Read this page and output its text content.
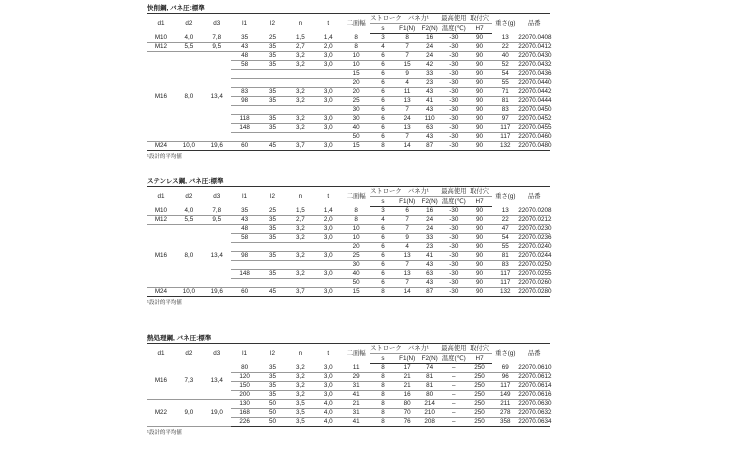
快削鋼, バネ圧:標準
d1	d2	d3	l1	l2	n	t	二面幅	ストローク	バネ力¹		最高使用	取付穴	重さ(g)	品番
								s	F1(N)	F2(N)	温度(℃)	H7		
M10	4,0	7,8	35	25	1,5	1,4	8	3	8	16	-30	90	13	22070.0408
M12	5,5	9,5	43	35	2,7	2,0	8	4	7	24	-30	90	22	22070.0412
M16	8,0	13,4	48	35	3,2	3,0	10	6	7	24	-30	90	40	22070.0430
			58	35	3,2	3,0	10	6	15	42	-30	90	52	22070.0432
							15	6	9	33	-30	90	54	22070.0436
							20	6	4	23	-30	90	55	22070.0440
			83	35	3,2	3,0	20	6	11	43	-30	90	71	22070.0442
			98	35	3,2	3,0	25	6	13	41	-30	90	81	22070.0444
							30	6	7	43	-30	90	83	22070.0450
			118	35	3,2	3,0	30	6	24	110	-30	90	97	22070.0452
			148	35	3,2	3,0	40	6	13	63	-30	90	117	22070.0455
							50	6	7	43	-30	90	117	22070.0460
M24	10,0	19,6	60	45	3,7	3,0	15	8	14	87	-30	90	132	22070.0480
¹設計的平均値
ステンレス鋼, バネ圧:標準
d1	d2	d3	l1	l2	n	t	二面幅	ストローク	バネ力¹		最高使用	取付穴	重さ(g)	品番
								s	F1(N)	F2(N)	温度(℃)	H7		
M10	4,0	7,8	35	25	1,5	1,4	8	3	6	16	-30	90	13	22070.0208
M12	5,5	9,5	43	35	2,7	2,0	8	4	7	24	-30	90	22	22070.0212
M16	8,0	13,4	48	35	3,2	3,0	10	6	7	24	-30	90	47	22070.0230
			58	35	3,2	3,0	10	6	9	33	-30	90	54	22070.0236
							20	6	4	23	-30	90	55	22070.0240
			98	35	3,2	3,0	25	6	13	41	-30	90	81	22070.0244
							30	6	7	43	-30	90	83	22070.0250
			148	35	3,2	3,0	40	6	13	63	-30	90	117	22070.0255
							50	6	7	43	-30	90	117	22070.0260
M24	10,0	19,6	60	45	3,7	3,0	15	8	14	87	-30	90	132	22070.0280
¹設計的平均値
熱処理鋼, バネ圧:標準
d1	d2	d3	l1	l2	n	t	二面幅	ストローク	バネ力¹		最高使用	取付穴	重さ(g)	品番
								s	F1(N)	F2(N)	温度(℃)	H7		
M16	7,3	13,4	80	35	3,2	3,0	11	8	17	74	–	250	69	22070.0610
			120	35	3,2	3,0	29	8	21	81	–	250	96	22070.0612
			150	35	3,2	3,0	31	8	21	81	–	250	117	22070.0614
			200	35	3,2	3,0	41	8	16	80	–	250	149	22070.0616
M22	9,0	19,0	130	50	3,5	4,0	21	8	80	214	–	250	211	22070.0630
			168	50	3,5	4,0	31	8	70	210	–	250	278	22070.0632
			226	50	3,5	4,0	41	8	76	208	–	250	358	22070.0634
¹設計的平均値
